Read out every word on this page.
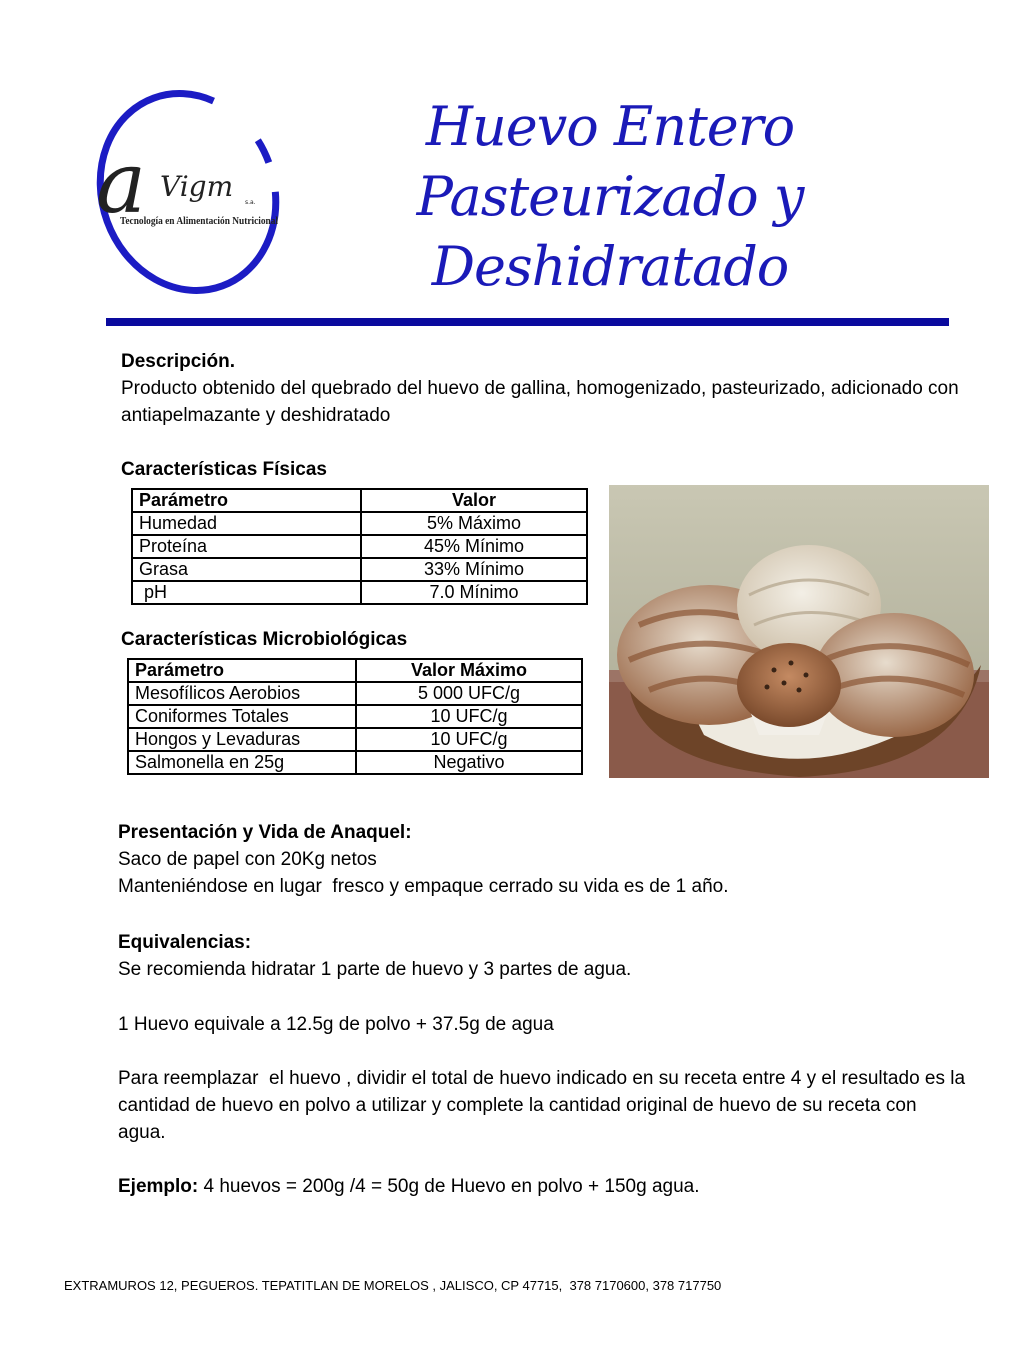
a Vigm s.a.
Tecnología en Alimentación Nutricional
Huevo Entero
Pasteurizado y
Deshidratado
Descripción.
Producto obtenido del quebrado del huevo de gallina, homogenizado, pasteurizado, adicionado con antiapelmazante y deshidratado
Características Físicas
Parámetro	Valor
Humedad	5% Máximo
Proteína	45% Mínimo
Grasa	33% Mínimo
pH	7.0 Mínimo
Características Microbiológicas
Parámetro	Valor Máximo
Mesofílicos Aerobios	5 000 UFC/g
Coniformes Totales	10 UFC/g
Hongos y Levaduras	10 UFC/g
Salmonella en 25g	Negativo
Presentación y Vida de Anaquel:
Saco de papel con 20Kg netos
Manteniéndose en lugar  fresco y empaque cerrado su vida es de 1 año.
Equivalencias:
Se recomienda hidratar 1 parte de huevo y 3 partes de agua.
1 Huevo equivale a 12.5g de polvo + 37.5g de agua
Para reemplazar  el huevo , dividir el total de huevo indicado en su receta entre 4 y el resultado es la cantidad de huevo en polvo a utilizar y complete la cantidad original de huevo de su receta con agua.
Ejemplo: 4 huevos = 200g /4 = 50g de Huevo en polvo + 150g agua.
EXTRAMUROS 12, PEGUEROS. TEPATITLAN DE MORELOS , JALISCO, CP 47715,  378 7170600, 378 717750
